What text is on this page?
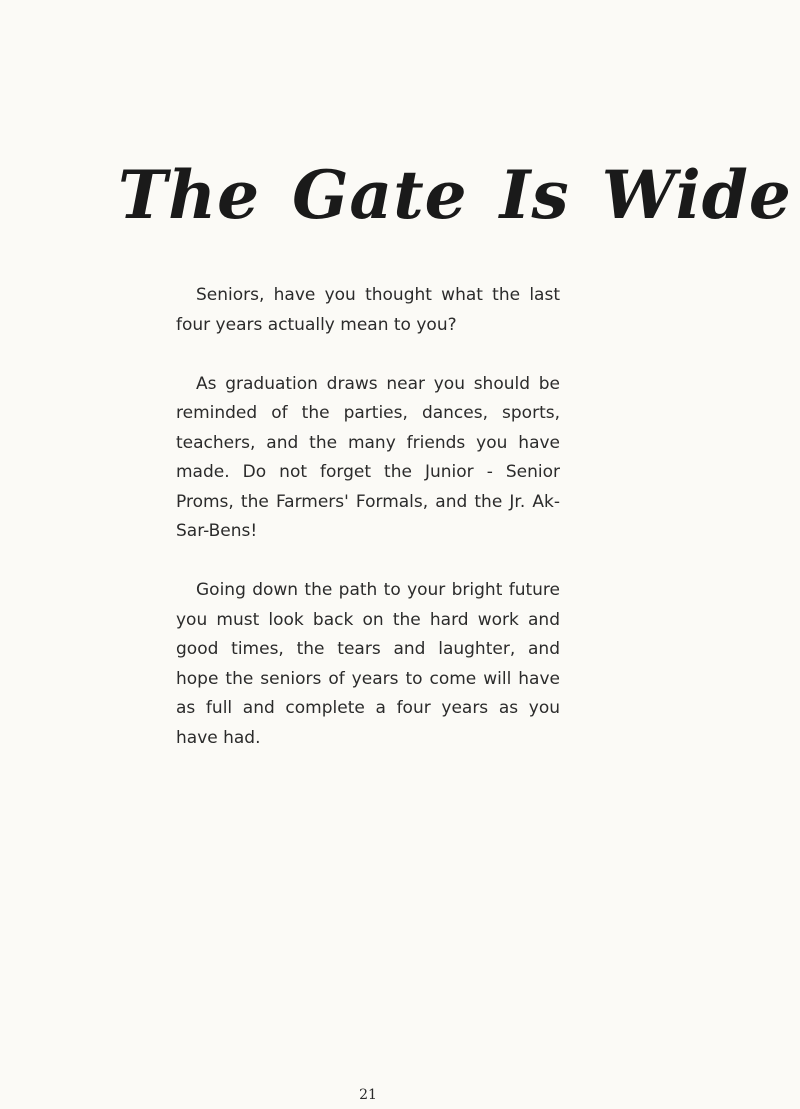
The Gate Is Wide

Seniors, have you thought what the last four years actually mean to you?

As graduation draws near you should be reminded of the parties, dances, sports, teachers, and the many friends you have made. Do not forget the Junior - Senior Proms, the Farmers' Formals, and the Jr. Ak-Sar-Bens!

Going down the path to your bright future you must look back on the hard work and good times, the tears and laughter, and hope the seniors of years to come will have as full and complete a four years as you have had.

21
